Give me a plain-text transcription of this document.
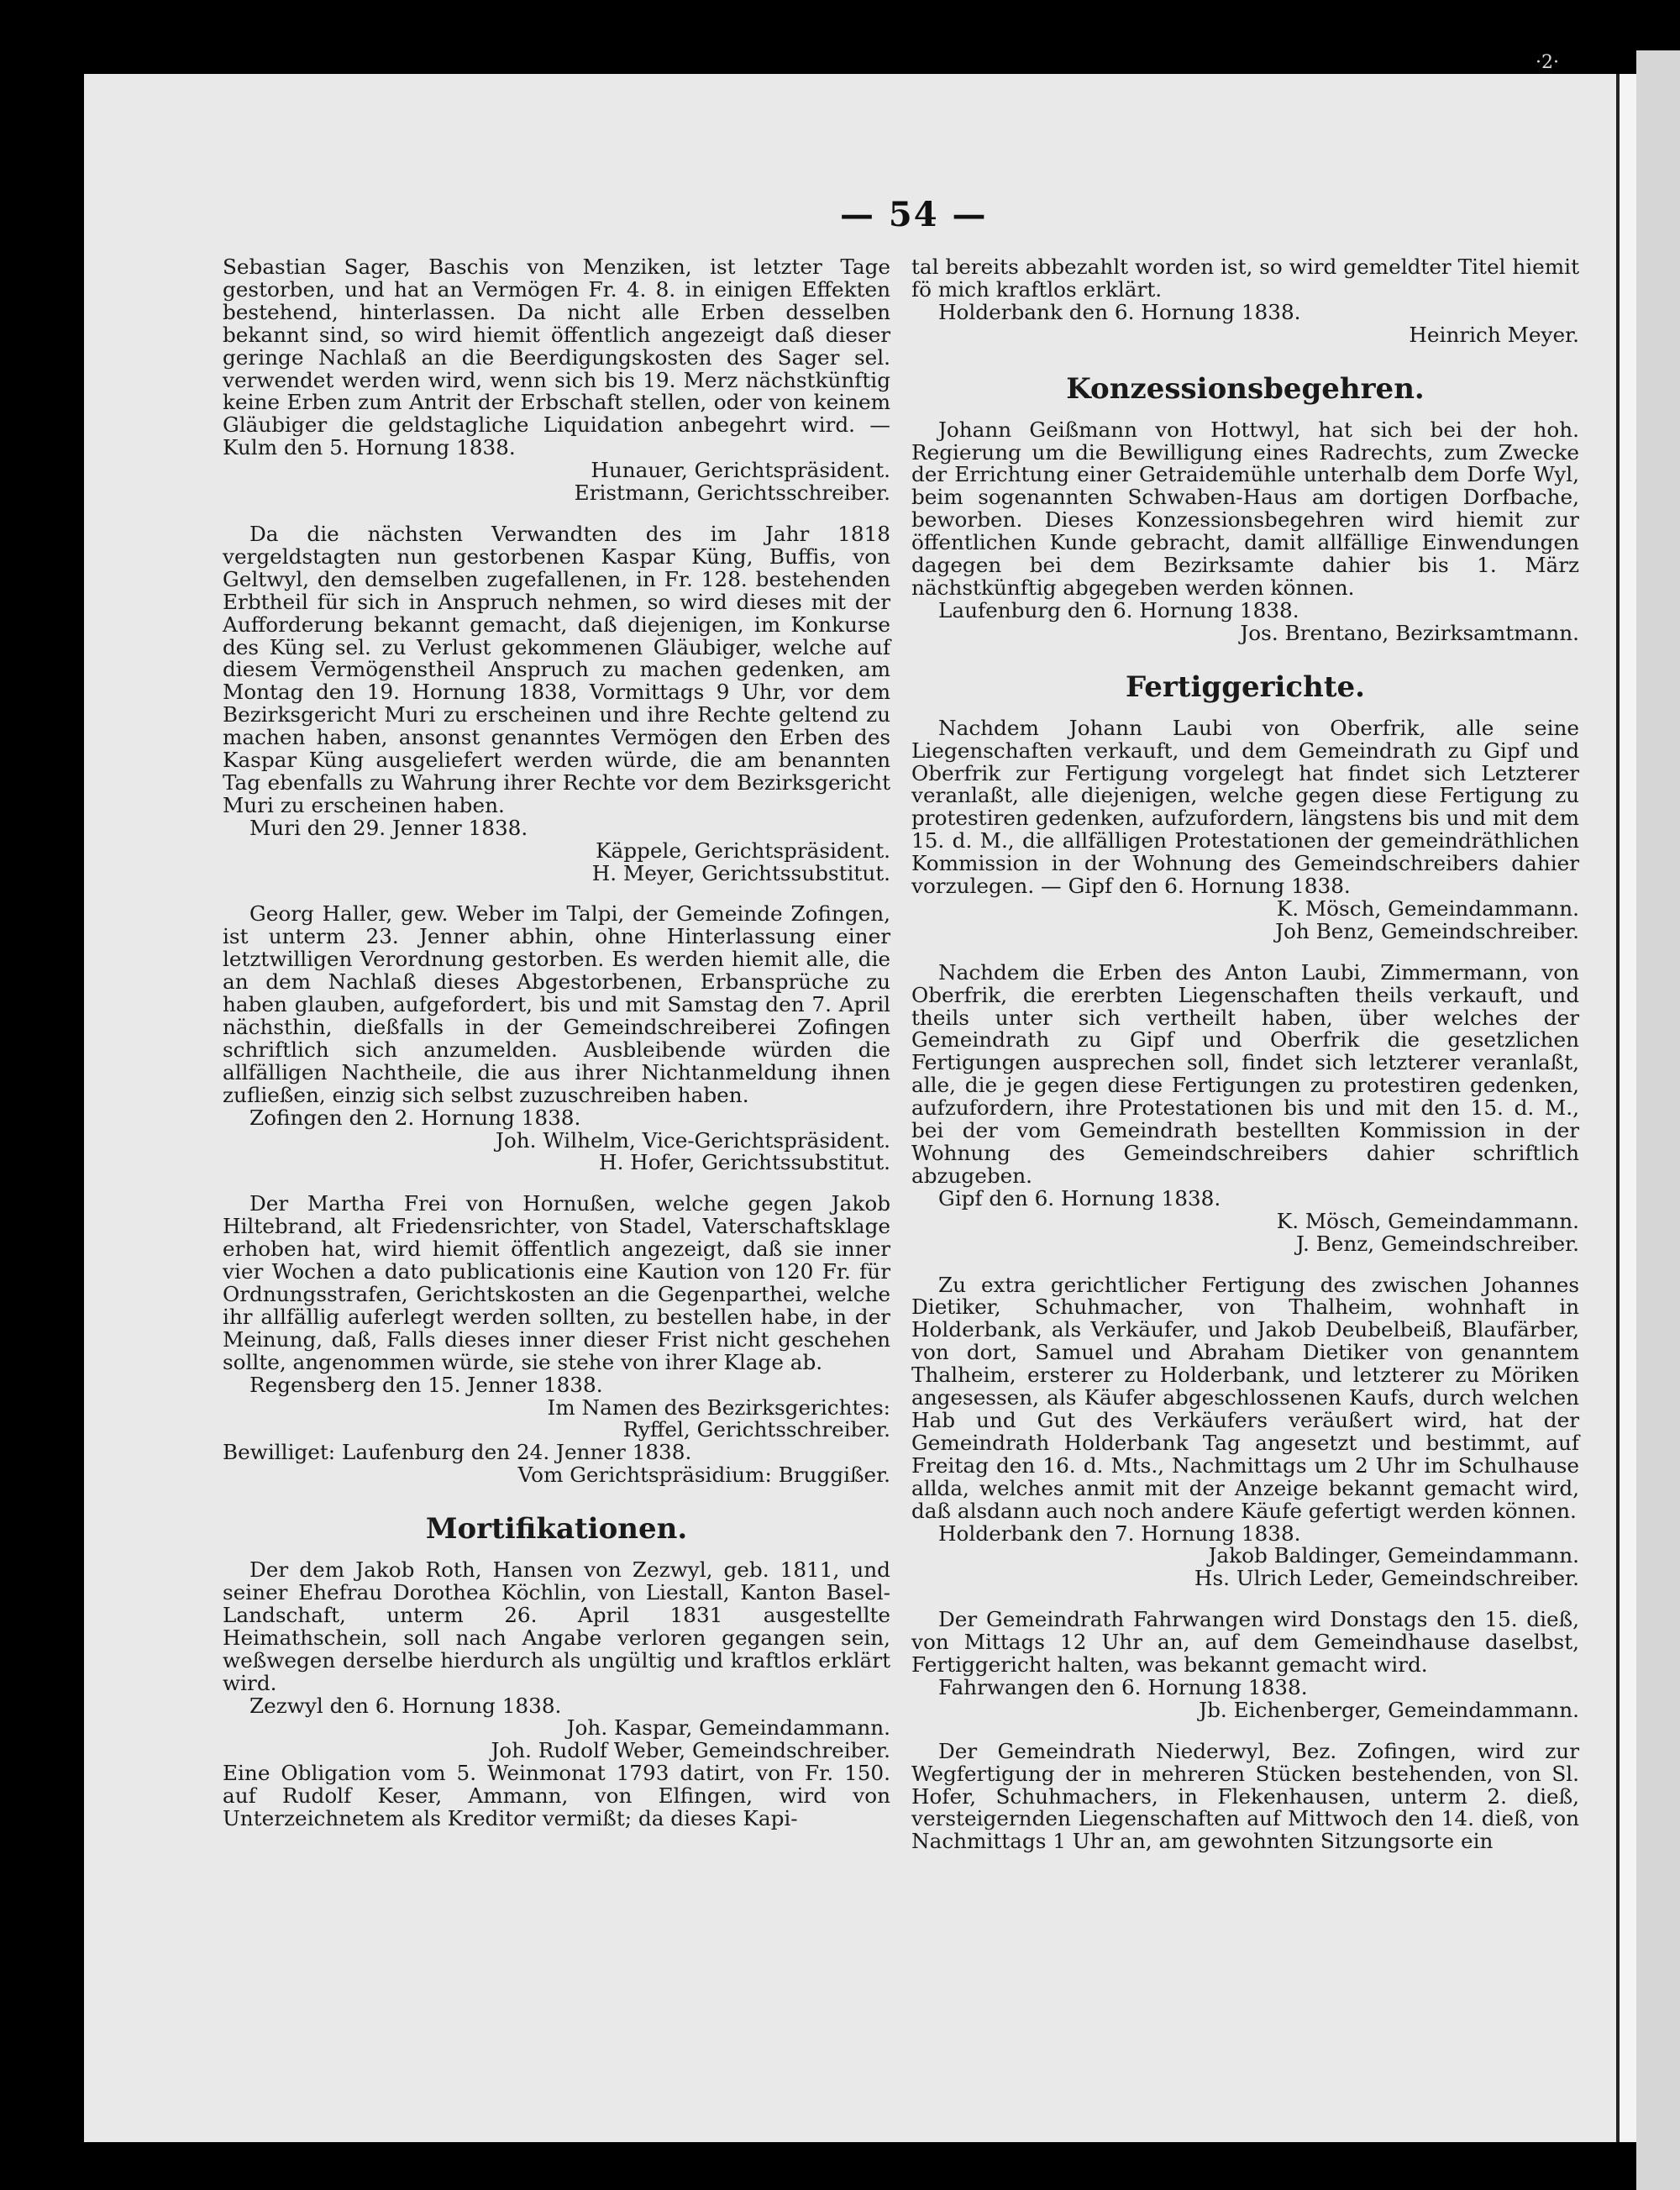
·2·
— 54 —

Sebastian Sager, Baschis von Menziken, ist letzter Tage gestorben, und hat an Vermögen Fr. 4. 8. in einigen Effekten bestehend, hinterlassen. Da nicht alle Erben desselben bekannt sind, so wird hiemit öffentlich angezeigt daß dieser geringe Nachlaß an die Beerdigungskosten des Sager sel. verwendet werden wird, wenn sich bis 19. Merz nächstkünftig keine Erben zum Antrit der Erbschaft stellen, oder von keinem Gläubiger die geldstagliche Liquidation anbegehrt wird. — Kulm den 5. Hornung 1838.

Hunauer, Gerichtspräsident.

Eristmann, Gerichtsschreiber.

Da die nächsten Verwandten des im Jahr 1818 vergeldstagten nun gestorbenen Kaspar Küng, Buffis, von Geltwyl, den demselben zugefallenen, in Fr. 128. bestehenden Erbtheil für sich in Anspruch nehmen, so wird dieses mit der Aufforderung bekannt gemacht, daß diejenigen, im Konkurse des Küng sel. zu Verlust gekommenen Gläubiger, welche auf diesem Vermögenstheil Anspruch zu machen gedenken, am Montag den 19. Hornung 1838, Vormittags 9 Uhr, vor dem Bezirksgericht Muri zu erscheinen und ihre Rechte geltend zu machen haben, ansonst genanntes Vermögen den Erben des Kaspar Küng ausgeliefert werden würde, die am benannten Tag ebenfalls zu Wahrung ihrer Rechte vor dem Bezirksgericht Muri zu erscheinen haben.

Muri den 29. Jenner 1838.

Käppele, Gerichtspräsident.

H. Meyer, Gerichtssubstitut.

Georg Haller, gew. Weber im Talpi, der Gemeinde Zofingen, ist unterm 23. Jenner abhin, ohne Hinterlassung einer letztwilligen Verordnung gestorben. Es werden hiemit alle, die an dem Nachlaß dieses Abgestorbenen, Erbansprüche zu haben glauben, aufgefordert, bis und mit Samstag den 7. April nächsthin, dießfalls in der Gemeindschreiberei Zofingen schriftlich sich anzumelden. Ausbleibende würden die allfälligen Nachtheile, die aus ihrer Nichtanmeldung ihnen zufließen, einzig sich selbst zuzuschreiben haben.

Zofingen den 2. Hornung 1838.

Joh. Wilhelm, Vice-Gerichtspräsident.

H. Hofer, Gerichtssubstitut.

Der Martha Frei von Hornußen, welche gegen Jakob Hiltebrand, alt Friedensrichter, von Stadel, Vaterschaftsklage erhoben hat, wird hiemit öffentlich angezeigt, daß sie inner vier Wochen a dato publicationis eine Kaution von 120 Fr. für Ordnungsstrafen, Gerichtskosten an die Gegenparthei, welche ihr allfällig auferlegt werden sollten, zu bestellen habe, in der Meinung, daß, Falls dieses inner dieser Frist nicht geschehen sollte, angenommen würde, sie stehe von ihrer Klage ab.

Regensberg den 15. Jenner 1838.

Im Namen des Bezirksgerichtes:

Ryffel, Gerichtsschreiber.

Bewilliget: Laufenburg den 24. Jenner 1838.

Vom Gerichtspräsidium: Bruggißer.

Mortifikationen.

Der dem Jakob Roth, Hansen von Zezwyl, geb. 1811, und seiner Ehefrau Dorothea Köchlin, von Liestall, Kanton Basel-Landschaft, unterm 26. April 1831 ausgestellte Heimathschein, soll nach Angabe verloren gegangen sein, weßwegen derselbe hierdurch als ungültig und kraftlos erklärt wird.

Zezwyl den 6. Hornung 1838.

Joh. Kaspar, Gemeindammann.

Joh. Rudolf Weber, Gemeindschreiber.

Eine Obligation vom 5. Weinmonat 1793 datirt, von Fr. 150. auf Rudolf Keser, Ammann, von Elfingen, wird von Unterzeichnetem als Kreditor vermißt; da dieses Kapi-

tal bereits abbezahlt worden ist, so wird gemeldter Titel hiemit fö mich kraftlos erklärt.

Holderbank den 6. Hornung 1838.

Heinrich Meyer.

Konzessionsbegehren.

Johann Geißmann von Hottwyl, hat sich bei der hoh. Regierung um die Bewilligung eines Radrechts, zum Zwecke der Errichtung einer Getraidemühle unterhalb dem Dorfe Wyl, beim sogenannten Schwaben-Haus am dortigen Dorfbache, beworben. Dieses Konzessionsbegehren wird hiemit zur öffentlichen Kunde gebracht, damit allfällige Einwendungen dagegen bei dem Bezirksamte dahier bis 1. März nächstkünftig abgegeben werden können.

Laufenburg den 6. Hornung 1838.

Jos. Brentano, Bezirksamtmann.

Fertiggerichte.

Nachdem Johann Laubi von Oberfrik, alle seine Liegenschaften verkauft, und dem Gemeindrath zu Gipf und Oberfrik zur Fertigung vorgelegt hat findet sich Letzterer veranlaßt, alle diejenigen, welche gegen diese Fertigung zu protestiren gedenken, aufzufordern, längstens bis und mit dem 15. d. M., die allfälligen Protestationen der gemeindräthlichen Kommission in der Wohnung des Gemeindschreibers dahier vorzulegen. — Gipf den 6. Hornung 1838.

K. Mösch, Gemeindammann.

Joh Benz, Gemeindschreiber.

Nachdem die Erben des Anton Laubi, Zimmermann, von Oberfrik, die ererbten Liegenschaften theils verkauft, und theils unter sich vertheilt haben, über welches der Gemeindrath zu Gipf und Oberfrik die gesetzlichen Fertigungen ausprechen soll, findet sich letzterer veranlaßt, alle, die je gegen diese Fertigungen zu protestiren gedenken, aufzufordern, ihre Protestationen bis und mit den 15. d. M., bei der vom Gemeindrath bestellten Kommission in der Wohnung des Gemeindschreibers dahier schriftlich abzugeben.

Gipf den 6. Hornung 1838.

K. Mösch, Gemeindammann.

J. Benz, Gemeindschreiber.

Zu extra gerichtlicher Fertigung des zwischen Johannes Dietiker, Schuhmacher, von Thalheim, wohnhaft in Holderbank, als Verkäufer, und Jakob Deubelbeiß, Blaufärber, von dort, Samuel und Abraham Dietiker von genanntem Thalheim, ersterer zu Holderbank, und letzterer zu Möriken angesessen, als Käufer abgeschlossenen Kaufs, durch welchen Hab und Gut des Verkäufers veräußert wird, hat der Gemeindrath Holderbank Tag angesetzt und bestimmt, auf Freitag den 16. d. Mts., Nachmittags um 2 Uhr im Schulhause allda, welches anmit mit der Anzeige bekannt gemacht wird, daß alsdann auch noch andere Käufe gefertigt werden können.

Holderbank den 7. Hornung 1838.

Jakob Baldinger, Gemeindammann.

Hs. Ulrich Leder, Gemeindschreiber.

Der Gemeindrath Fahrwangen wird Donstags den 15. dieß, von Mittags 12 Uhr an, auf dem Gemeindhause daselbst, Fertiggericht halten, was bekannt gemacht wird.

Fahrwangen den 6. Hornung 1838.

Jb. Eichenberger, Gemeindammann.

Der Gemeindrath Niederwyl, Bez. Zofingen, wird zur Wegfertigung der in mehreren Stücken bestehenden, von Sl. Hofer, Schuhmachers, in Flekenhausen, unterm 2. dieß, versteigernden Liegenschaften auf Mittwoch den 14. dieß, von Nachmittags 1 Uhr an, am gewohnten Sitzungsorte ein
